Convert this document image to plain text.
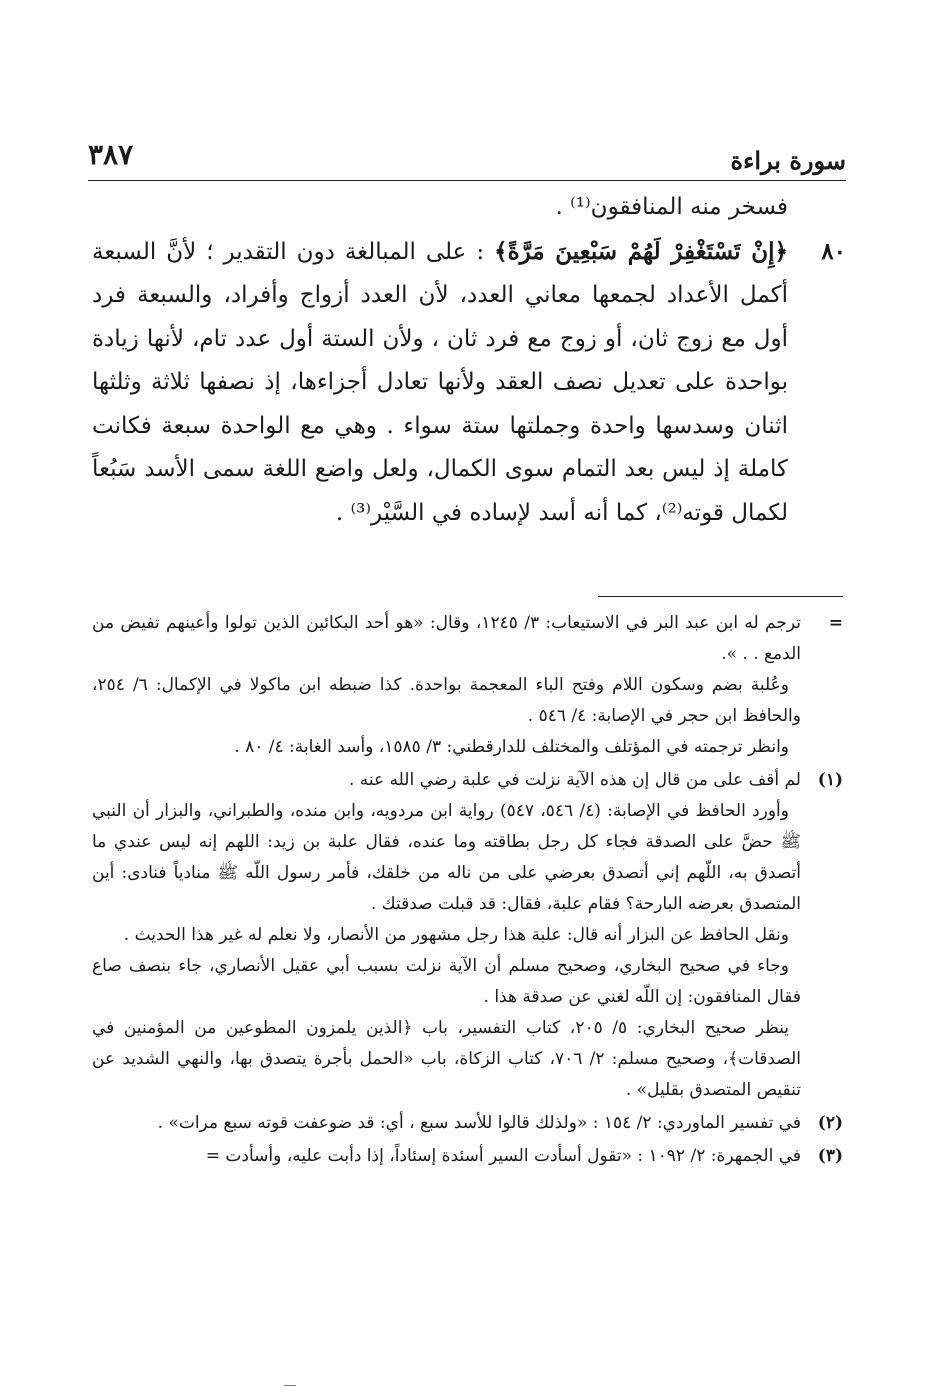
سورة براءة
٣٨٧

فسخر منه المنافقون⁽¹⁾ .

﴿إِنْ تَسْتَغْفِرْ لَهُمْ سَبْعِينَ مَرَّةً﴾ : على المبالغة دون التقدير ؛ لأنَّ السبعة أكمل الأعداد لجمعها معاني العدد، لأن العدد أزواج وأفراد، والسبعة فرد أول مع زوج ثان، أو زوج مع فرد ثان ، ولأن الستة أول عدد تام، لأنها زيادة بواحدة على تعديل نصف العقد ولأنها تعادل أجزاءها، إذ نصفها ثلاثة وثلثها اثنان وسدسها واحدة وجملتها ستة سواء . وهي مع الواحدة سبعة فكانت كاملة إذ ليس بعد التمام سوى الكمال، ولعل واضع اللغة سمى الأسد سَبُعاً لكمال قوته⁽²⁾، كما أنه أسد لإساده في السَّيْر⁽³⁾ .

٨٠
=

ترجم له ابن عبد البر في الاستيعاب: ٣/ ١٢٤٥، وقال: «هو أحد البكائين الذين تولوا وأعينهم تفيض من الدمع . . ».

وعُلبة بضم وسكون اللام وفتح الباء المعجمة بواحدة. كذا ضبطه ابن ماكولا في الإكمال: ٦/ ٢٥٤، والحافظ ابن حجر في الإصابة: ٤/ ٥٤٦ .

وانظر ترجمته في المؤتلف والمختلف للدارقطني: ٣/ ١٥٨٥، وأسد الغابة: ٤/ ٨٠ .

(١)

لم أقف على من قال إن هذه الآية نزلت في علبة رضي الله عنه .

وأورد الحافظ في الإصابة: (٤/ ٥٤٦، ٥٤٧) رواية ابن مردويه، وابن منده، والطبراني، والبزار أن النبي ﷺ حضَّ على الصدقة فجاء كل رجل بطاقته وما عنده، فقال علبة بن زيد: اللهم إنه ليس عندي ما أتصدق به، اللّهم إني أتصدق بعرضي على من ناله من خلقك، فأمر رسول اللّه ﷺ منادياً فنادى: أين المتصدق بعرضه البارحة؟ فقام علبة، فقال: قد قبلت صدقتك .

ونقل الحافظ عن البزار أنه قال: علبة هذا رجل مشهور من الأنصار، ولا نعلم له غير هذا الحديث .

وجاء في صحيح البخاري، وصحيح مسلم أن الآية نزلت بسبب أبي عقيل الأنصاري، جاء بنصف صاع فقال المنافقون: إن اللّه لغني عن صدقة هذا .

ينظر صحيح البخاري: ٥/ ٢٠٥، كتاب التفسير، باب ﴿الذين يلمزون المطوعين من المؤمنين في الصدقات﴾، وصحيح مسلم: ٢/ ٧٠٦، كتاب الزكاة، باب «الحمل بأجرة يتصدق بها، والنهي الشديد عن تنقيص المتصدق بقليل» .

(٢)

في تفسير الماوردي: ٢/ ١٥٤ : «ولذلك قالوا للأسد سبع ، أي: قد ضوعفت قوته سبع مرات» .

(٣)

في الجمهرة: ٢/ ١٠٩٢ : «تقول أسأدت السير أسئدة إسئاداً، إذا دأبت عليه، وأسأدت =
